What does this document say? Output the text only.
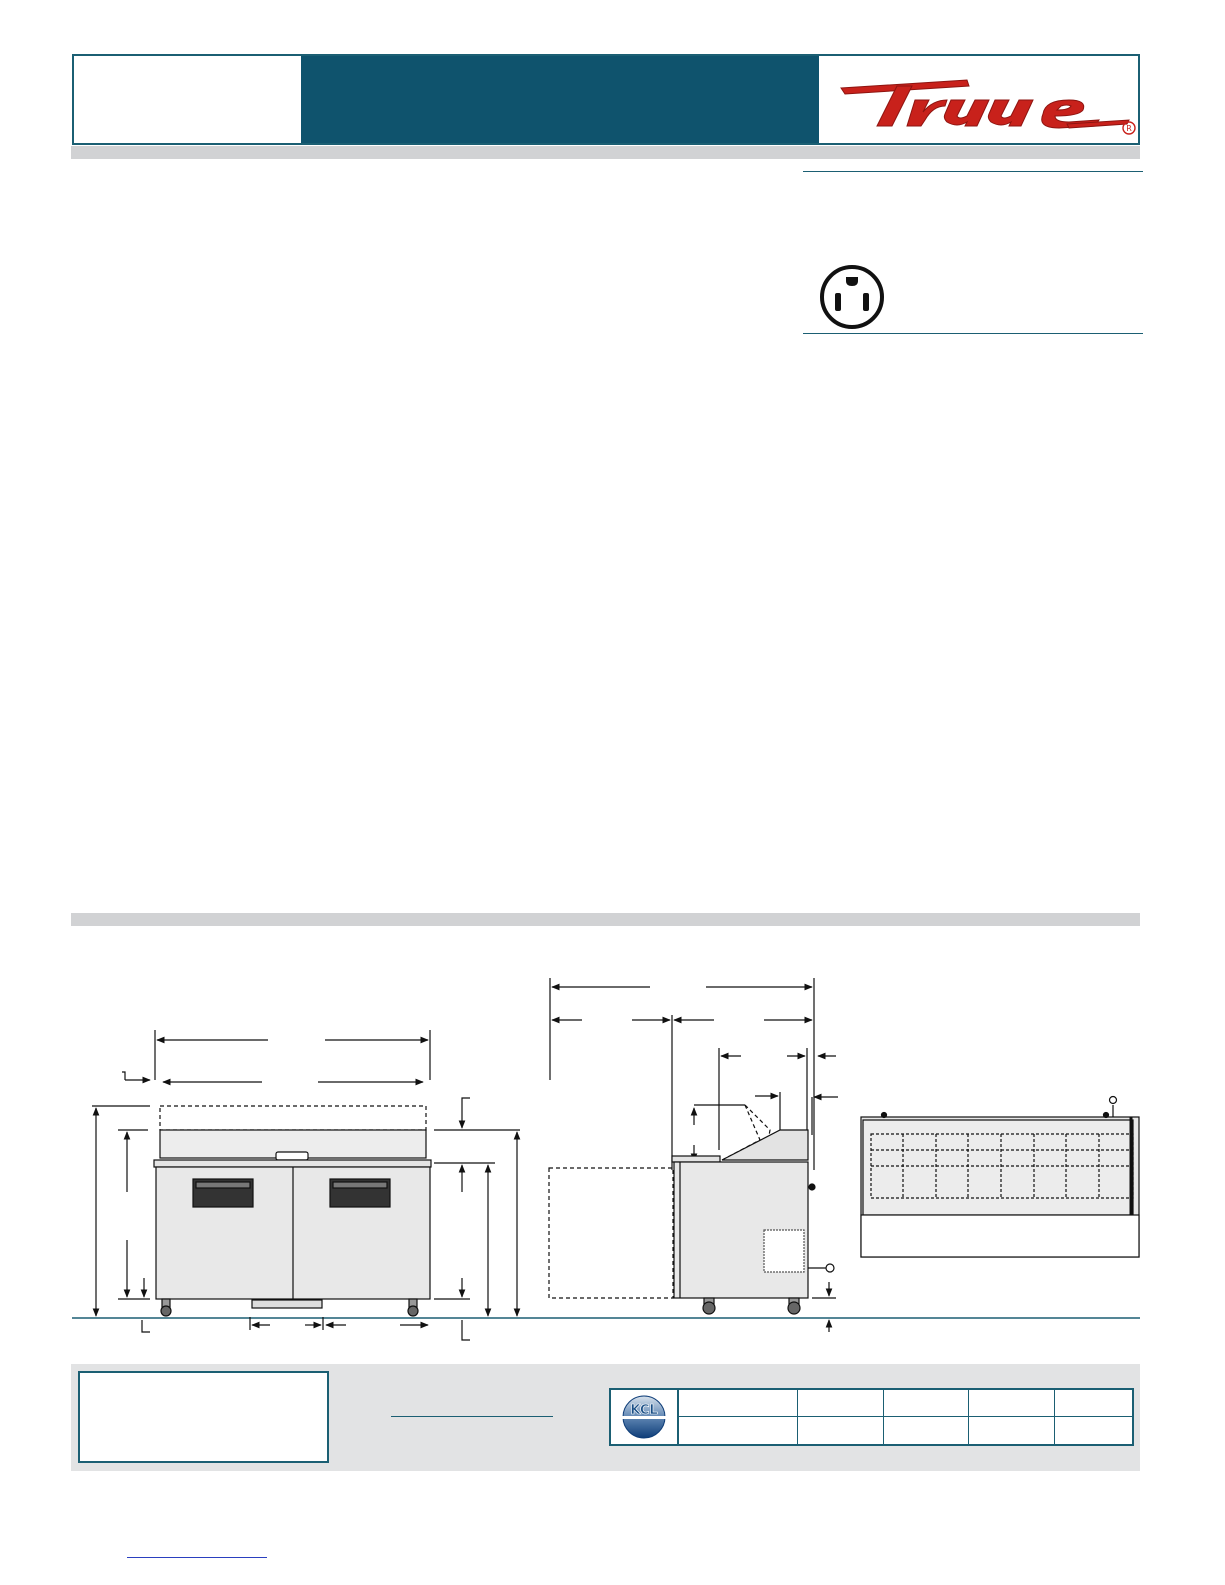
R
KCL
